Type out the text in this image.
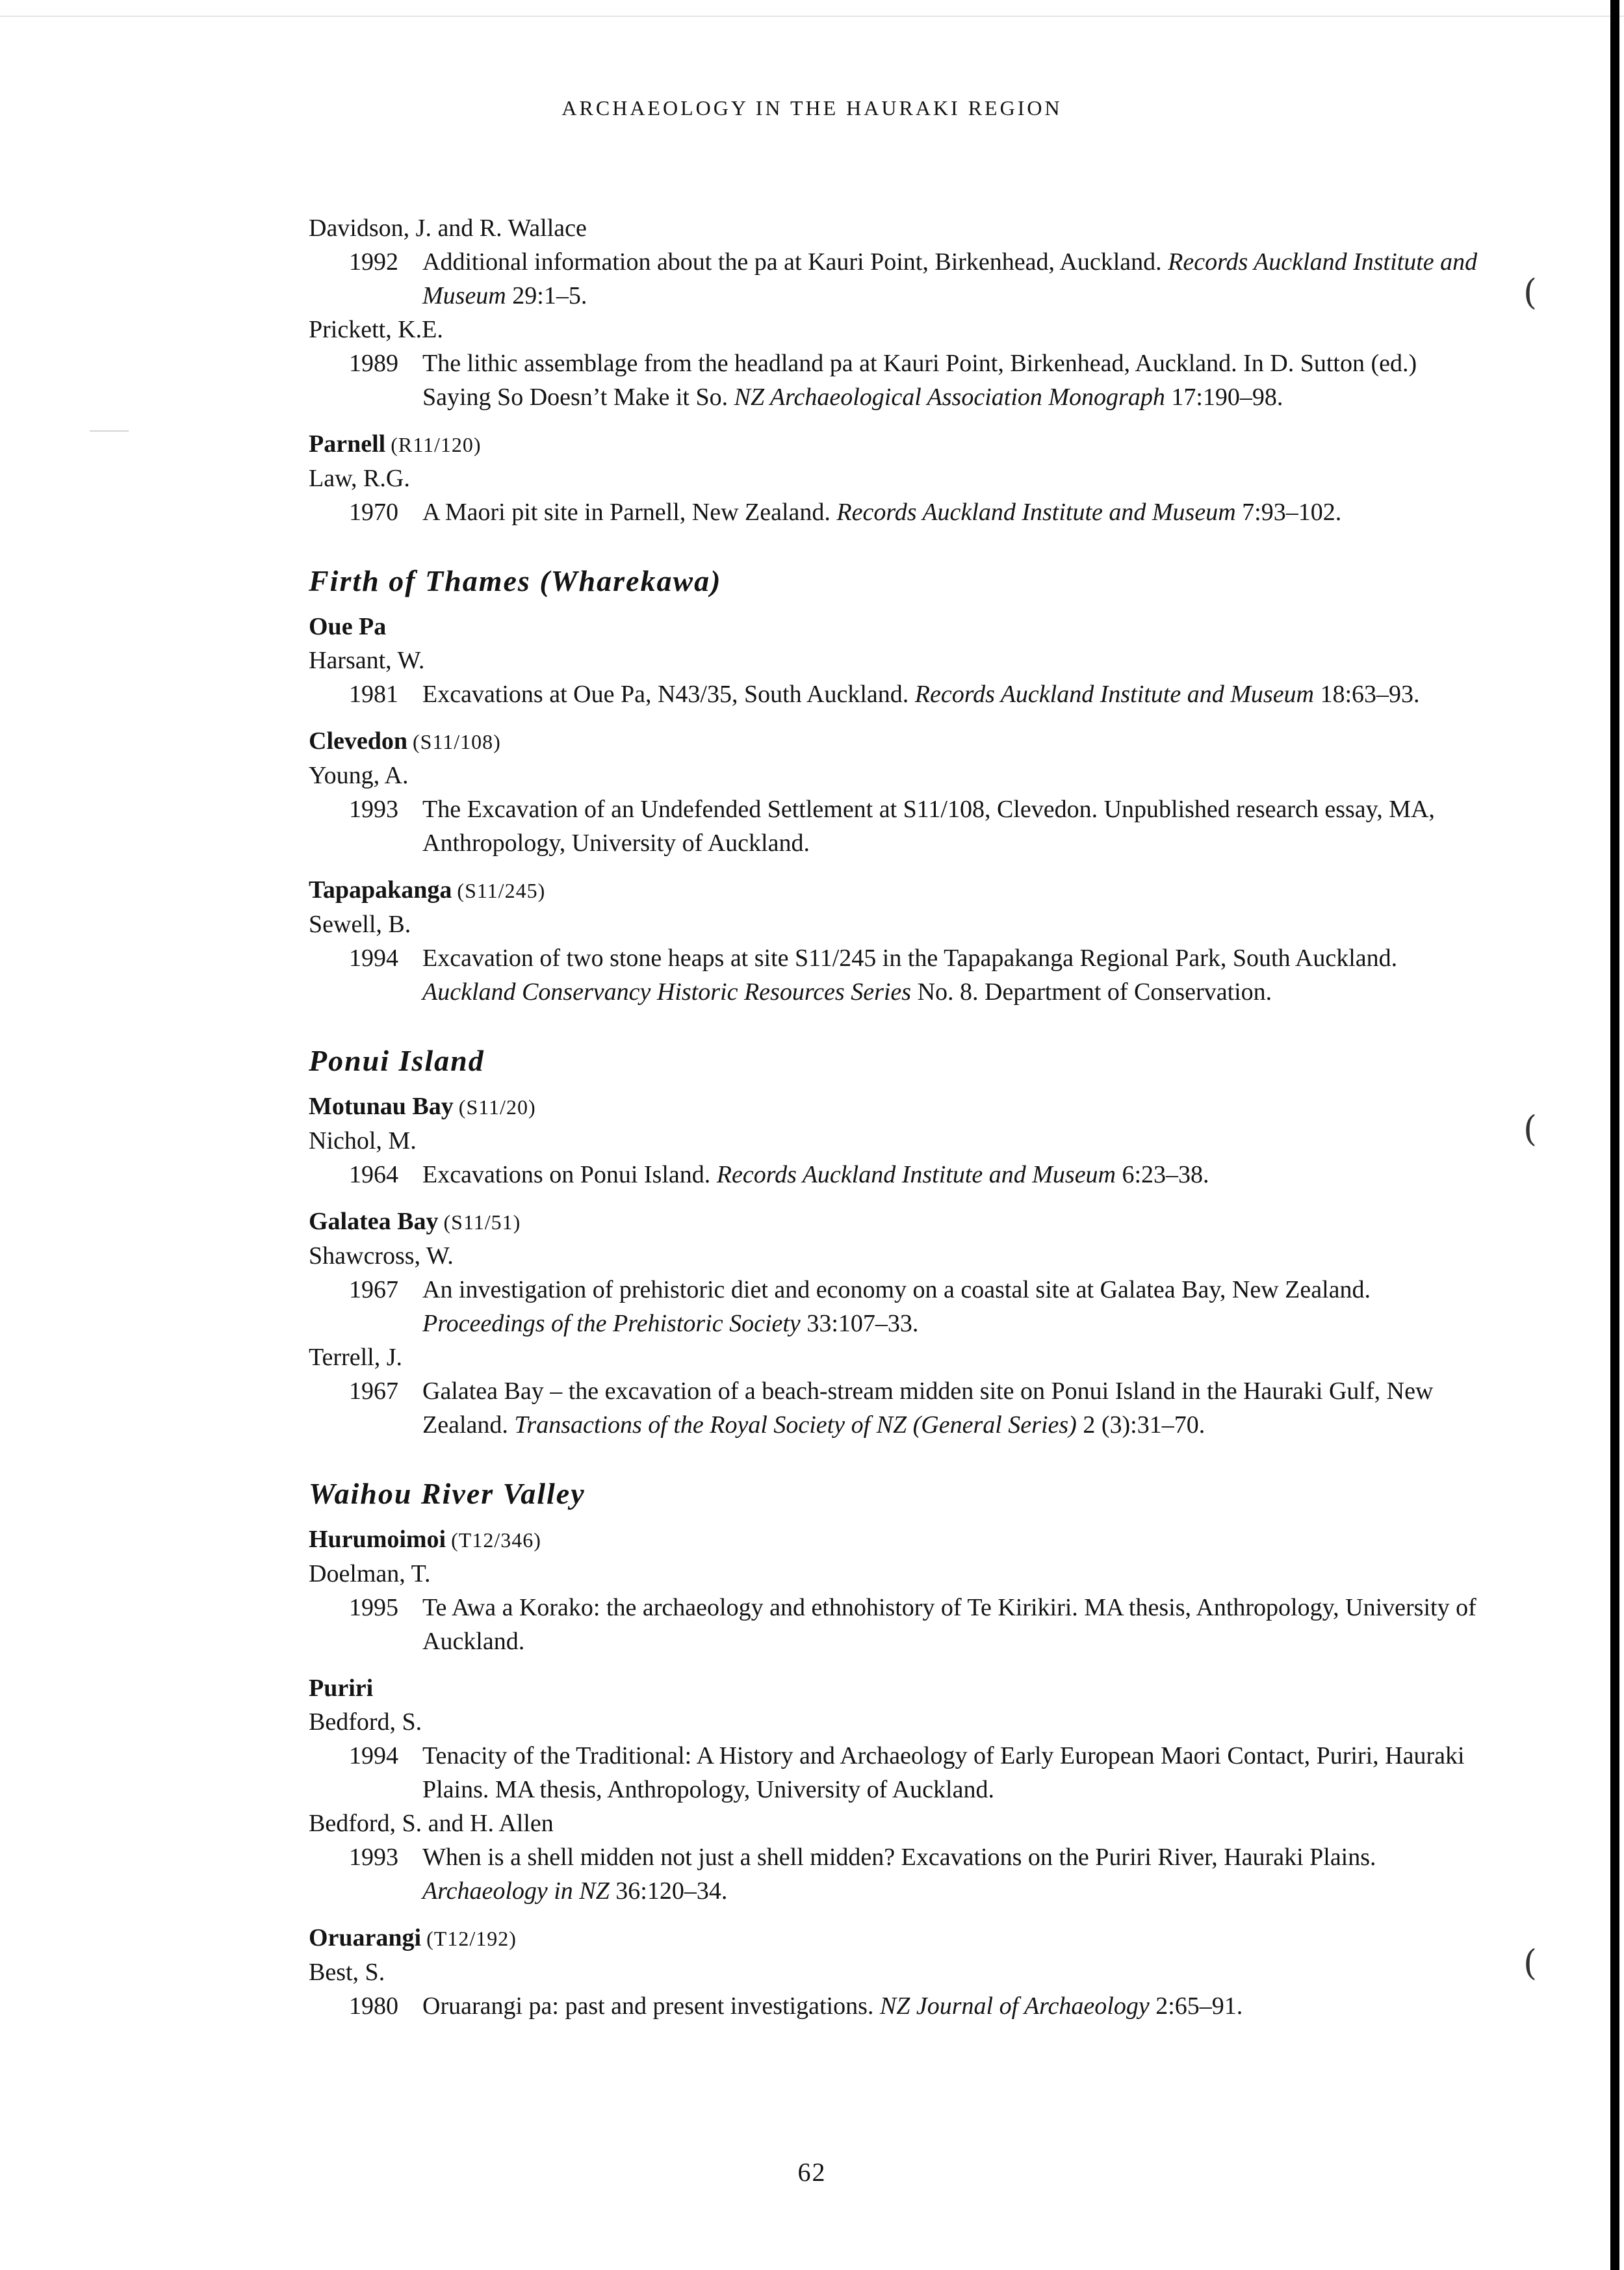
ARCHAEOLOGY IN THE HAURAKI REGION
Davidson, J. and R. Wallace
1992 Additional information about the pa at Kauri Point, Birkenhead, Auckland. Records Auckland Institute and Museum 29:1–5.
Prickett, K.E.
1989 The lithic assemblage from the headland pa at Kauri Point, Birkenhead, Auckland. In D. Sutton (ed.) Saying So Doesn’t Make it So. NZ Archaeological Association Monograph 17:190–98.
Parnell (R11/120)
Law, R.G.
1970 A Maori pit site in Parnell, New Zealand. Records Auckland Institute and Museum 7:93–102.
Firth of Thames (Wharekawa)
Oue Pa
Harsant, W.
1981 Excavations at Oue Pa, N43/35, South Auckland. Records Auckland Institute and Museum 18:63–93.
Clevedon (S11/108)
Young, A.
1993 The Excavation of an Undefended Settlement at S11/108, Clevedon. Unpublished research essay, MA, Anthropology, University of Auckland.
Tapapakanga (S11/245)
Sewell, B.
1994 Excavation of two stone heaps at site S11/245 in the Tapapakanga Regional Park, South Auckland. Auckland Conservancy Historic Resources Series No. 8. Department of Conservation.
Ponui Island
Motunau Bay (S11/20)
Nichol, M.
1964 Excavations on Ponui Island. Records Auckland Institute and Museum 6:23–38.
Galatea Bay (S11/51)
Shawcross, W.
1967 An investigation of prehistoric diet and economy on a coastal site at Galatea Bay, New Zealand. Proceedings of the Prehistoric Society 33:107–33.
Terrell, J.
1967 Galatea Bay – the excavation of a beach-stream midden site on Ponui Island in the Hauraki Gulf, New Zealand. Transactions of the Royal Society of NZ (General Series) 2 (3):31–70.
Waihou River Valley
Hurumoimoi (T12/346)
Doelman, T.
1995 Te Awa a Korako: the archaeology and ethnohistory of Te Kirikiri. MA thesis, Anthropology, University of Auckland.
Puriri
Bedford, S.
1994 Tenacity of the Traditional: A History and Archaeology of Early European Maori Contact, Puriri, Hauraki Plains. MA thesis, Anthropology, University of Auckland.
Bedford, S. and H. Allen
1993 When is a shell midden not just a shell midden? Excavations on the Puriri River, Hauraki Plains. Archaeology in NZ 36:120–34.
Oruarangi (T12/192)
Best, S.
1980 Oruarangi pa: past and present investigations. NZ Journal of Archaeology 2:65–91.
(
(
(
62
